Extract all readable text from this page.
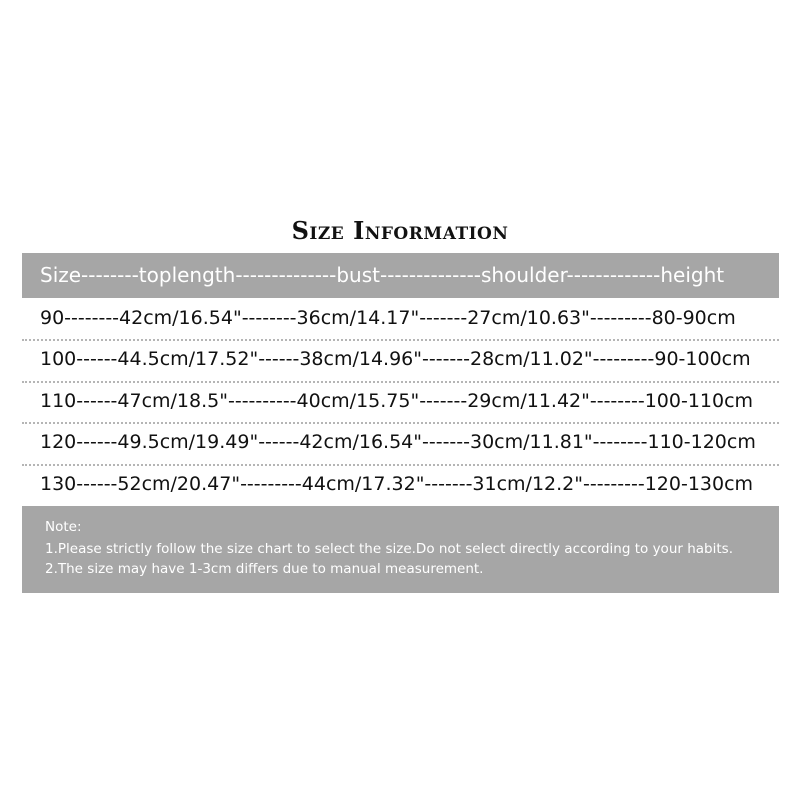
Size Information
Size--------toplength--------------bust--------------shoulder-------------height
90--------42cm/16.54"--------36cm/14.17"-------27cm/10.63"---------80-90cm
100------44.5cm/17.52"------38cm/14.96"-------28cm/11.02"---------90-100cm
110------47cm/18.5"----------40cm/15.75"-------29cm/11.42"--------100-110cm
120------49.5cm/19.49"------42cm/16.54"-------30cm/11.81"--------110-120cm
130------52cm/20.47"---------44cm/17.32"-------31cm/12.2"---------120-130cm
Note:
1.Please strictly follow the size chart to select the size.Do not select directly according to your habits.
2.The size may have 1-3cm differs due to manual measurement.
